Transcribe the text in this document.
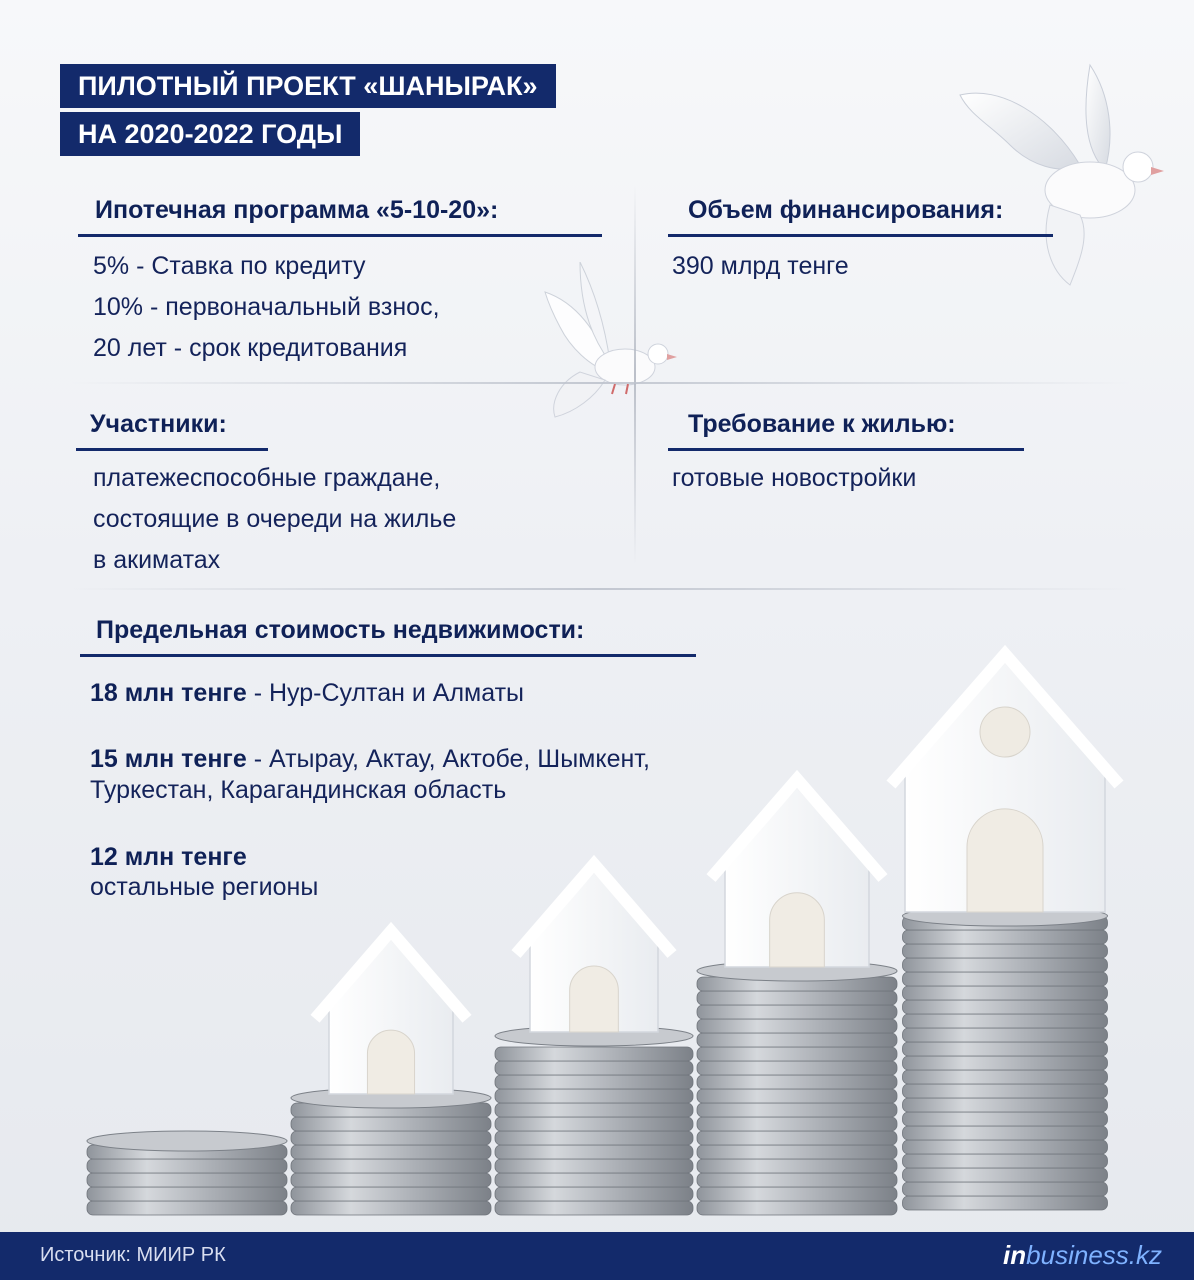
ПИЛОТНЫЙ ПРОЕКТ «ШАНЫРАК»
НА 2020-2022 ГОДЫ
Ипотечная программа «5-10-20»:
5% - Ставка по кредиту
10% - первоначальный взнос,
20 лет - срок кредитования
Объем финансирования:
390 млрд тенге
Участники:
платежеспособные граждане,
состоящие в очереди на жилье
в акиматах
Требование к жилью:
готовые новостройки
Предельная стоимость недвижимости:
18 млн тенге - Нур-Султан и Алматы
15 млн тенге - Атырау, Актау, Актобе, Шымкент,
Туркестан, Карагандинская область
12 млн тенге
остальные регионы
Источник: МИИР РК	inbusiness.kz
